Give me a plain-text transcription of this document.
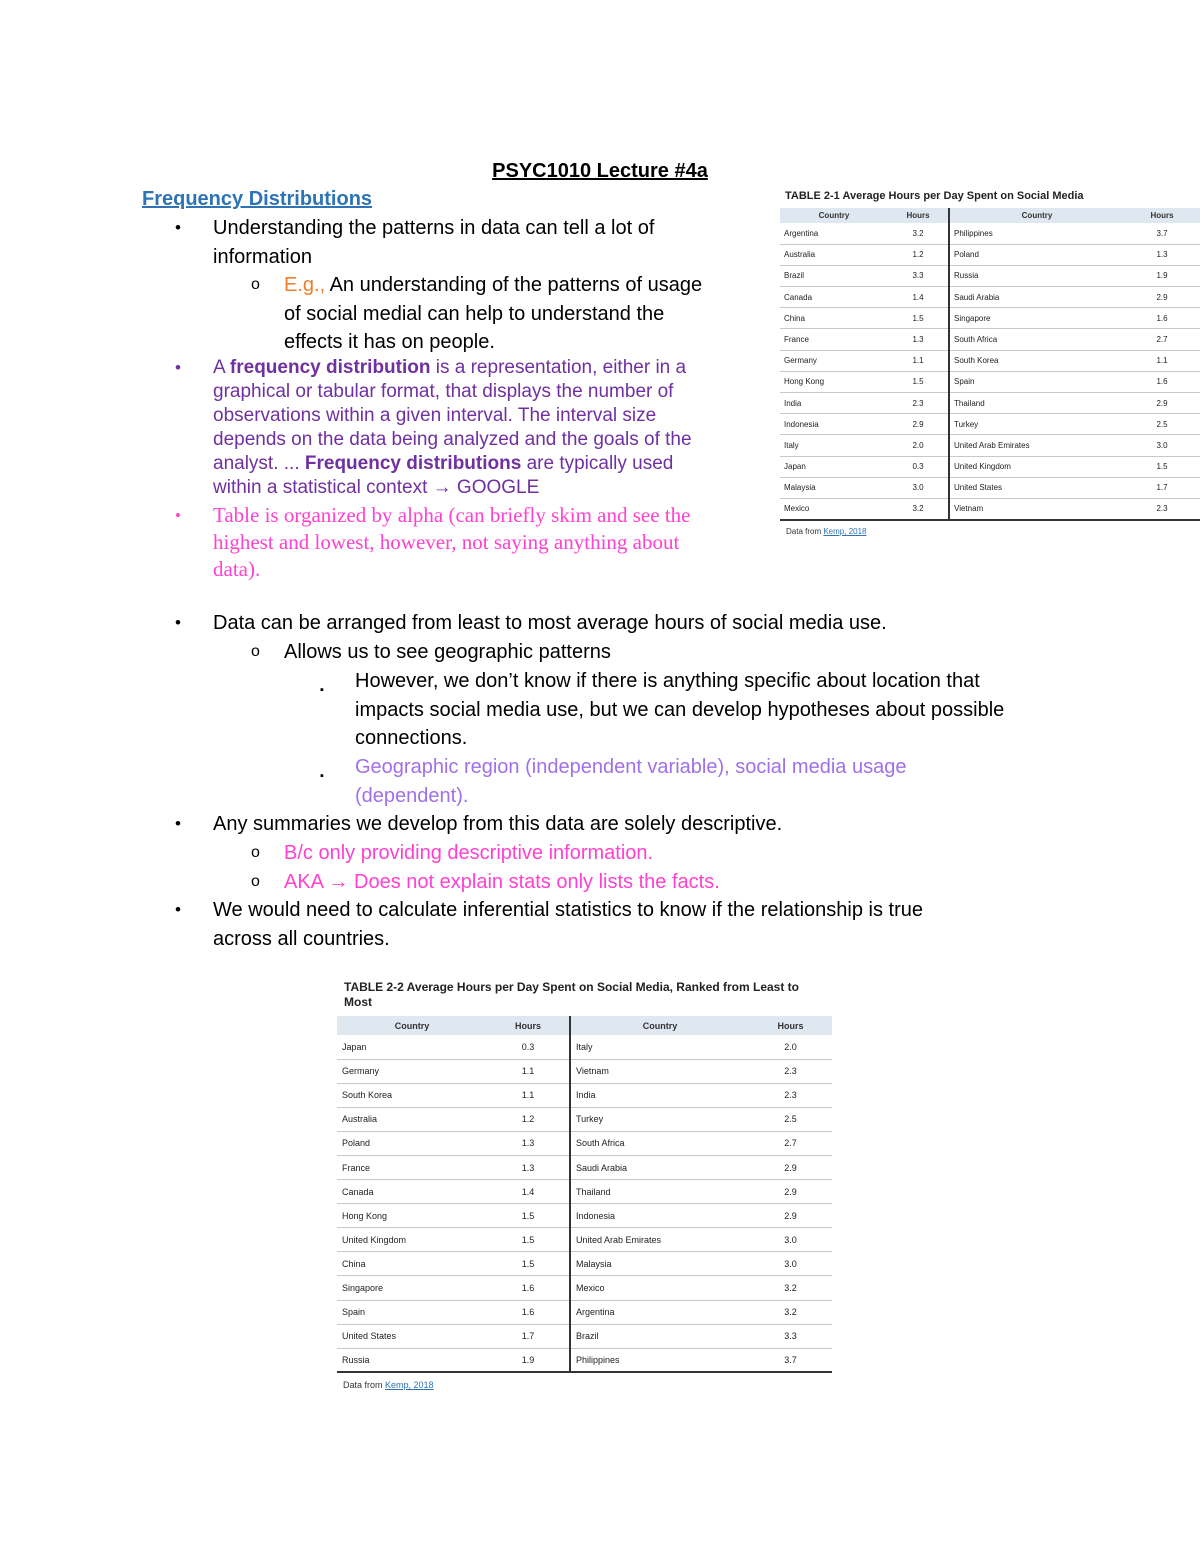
PSYC1010 Lecture #4a
Frequency Distributions
• Understanding the patterns in data can tell a lot of
information
o E.g., An understanding of the patterns of usage
of social medial can help to understand the
effects it has on people.
• A frequency distribution is a representation, either in a
graphical or tabular format, that displays the number of
observations within a given interval. The interval size
depends on the data being analyzed and the goals of the
analyst. ... Frequency distributions are typically used
within a statistical context → GOOGLE
• Table is organized by alpha (can briefly skim and see the
highest and lowest, however, not saying anything about
data).
TABLE 2-1 Average Hours per Day Spent on Social Media
Country	Hours	Country	Hours
Argentina	3.2	Philippines	3.7
Australia	1.2	Poland	1.3
Brazil	3.3	Russia	1.9
Canada	1.4	Saudi Arabia	2.9
China	1.5	Singapore	1.6
France	1.3	South Africa	2.7
Germany	1.1	South Korea	1.1
Hong Kong	1.5	Spain	1.6
India	2.3	Thailand	2.9
Indonesia	2.9	Turkey	2.5
Italy	2.0	United Arab Emirates	3.0
Japan	0.3	United Kingdom	1.5
Malaysia	3.0	United States	1.7
Mexico	3.2	Vietnam	2.3
Data from Kemp, 2018
• Data can be arranged from least to most average hours of social media use.
o Allows us to see geographic patterns
▪ However, we don’t know if there is anything specific about location that
impacts social media use, but we can develop hypotheses about possible
connections.
▪ Geographic region (independent variable), social media usage
(dependent).
• Any summaries we develop from this data are solely descriptive.
o B/c only providing descriptive information.
o AKA → Does not explain stats only lists the facts.
• We would need to calculate inferential statistics to know if the relationship is true
across all countries.
TABLE 2-2 Average Hours per Day Spent on Social Media, Ranked from Least to
Most
Country	Hours	Country	Hours
Japan	0.3	Italy	2.0
Germany	1.1	Vietnam	2.3
South Korea	1.1	India	2.3
Australia	1.2	Turkey	2.5
Poland	1.3	South Africa	2.7
France	1.3	Saudi Arabia	2.9
Canada	1.4	Thailand	2.9
Hong Kong	1.5	Indonesia	2.9
United Kingdom	1.5	United Arab Emirates	3.0
China	1.5	Malaysia	3.0
Singapore	1.6	Mexico	3.2
Spain	1.6	Argentina	3.2
United States	1.7	Brazil	3.3
Russia	1.9	Philippines	3.7
Data from Kemp, 2018
